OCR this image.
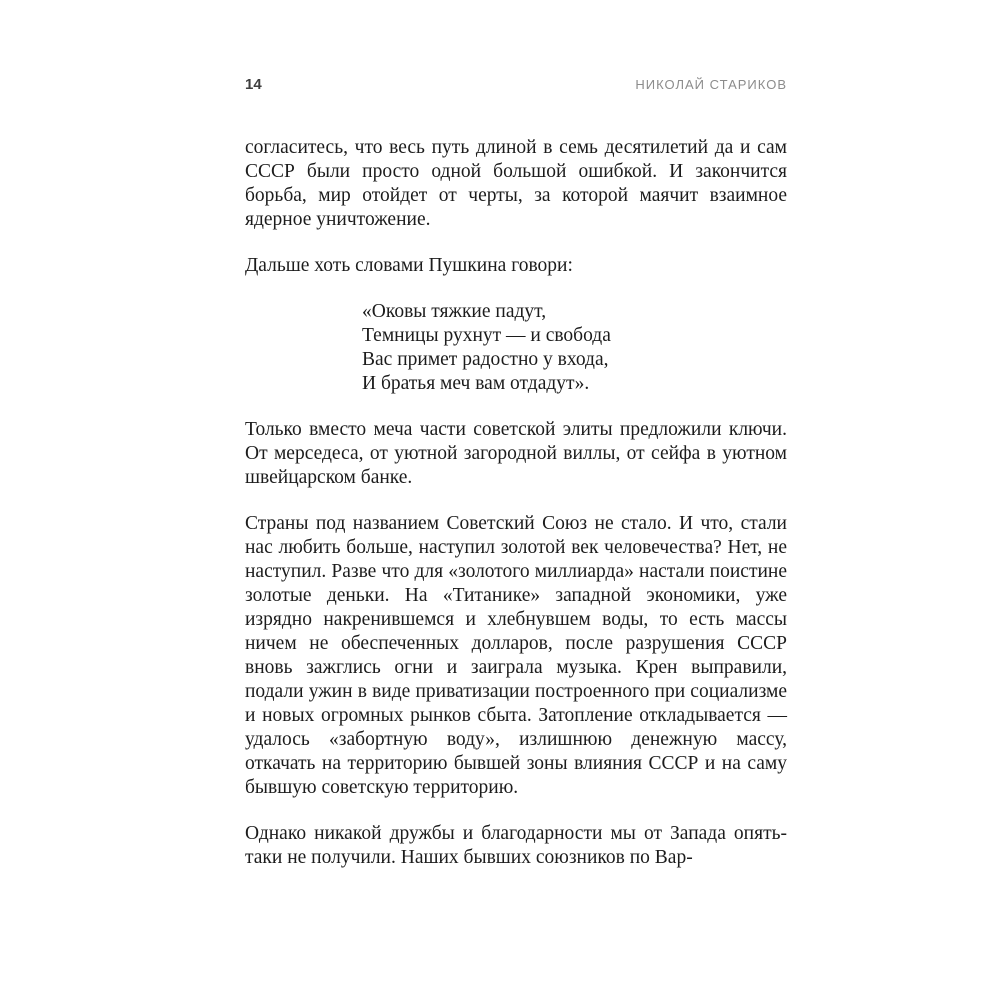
14	НИКОЛАЙ СТАРИКОВ

согласитесь, что весь путь длиной в семь десятилетий да и сам СССР были просто одной большой ошибкой. И закончится борьба, мир отойдет от черты, за которой маячит взаимное ядерное уничтожение.

Дальше хоть словами Пушкина говори:

«Оковы тяжкие падут,
Темницы рухнут — и свобода
Вас примет радостно у входа,
И братья меч вам отдадут».

Только вместо меча части советской элиты предложили ключи. От мерседеса, от уютной загородной виллы, от сейфа в уютном швейцарском банке.

Страны под названием Советский Союз не стало. И что, стали нас любить больше, наступил золотой век человечества? Нет, не наступил. Разве что для «золотого миллиарда» настали поистине золотые деньки. На «Титанике» западной экономики, уже изрядно накренившемся и хлебнувшем воды, то есть массы ничем не обеспеченных долларов, после разрушения СССР вновь зажглись огни и заиграла музыка. Крен выправили, подали ужин в виде приватизации построенного при социализме и новых огромных рынков сбыта. Затопление откладывается — удалось «забортную воду», излишнюю денежную массу, откачать на территорию бывшей зоны влияния СССР и на саму бывшую советскую территорию.

Однако никакой дружбы и благодарности мы от Запада опять-таки не получили. Наших бывших союзников по Вар-
